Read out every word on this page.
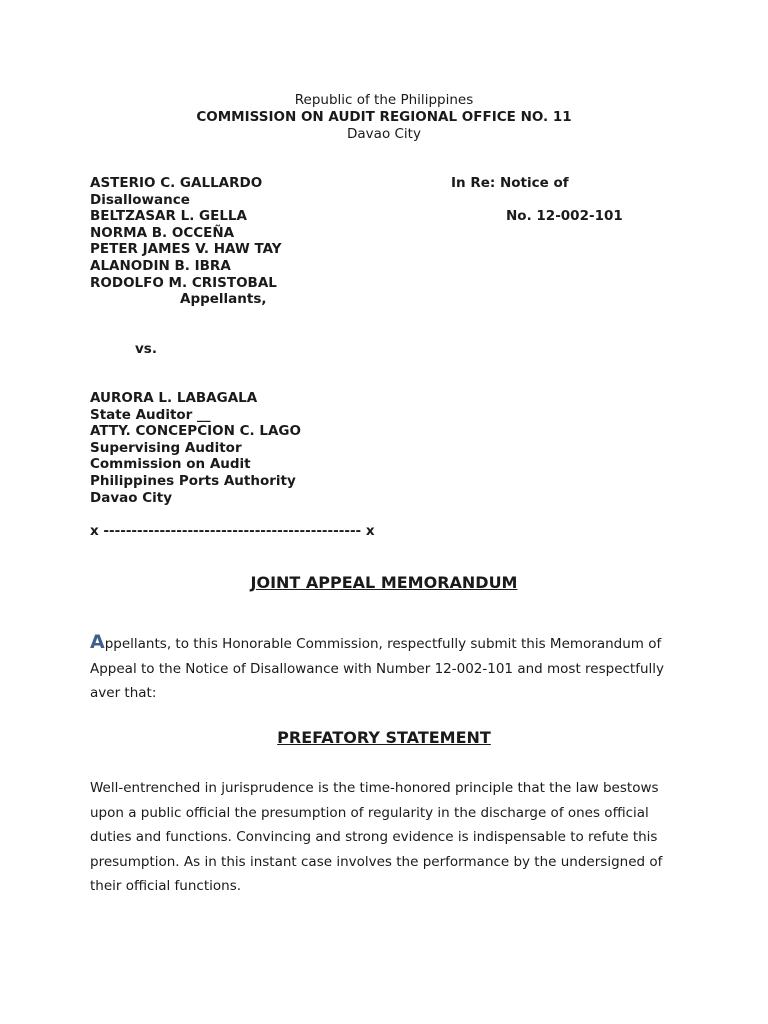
Republic of the Philippines
COMMISSION ON AUDIT REGIONAL OFFICE NO. 11
Davao City
ASTERIO C. GALLARDO
Disallowance
BELTZASAR L. GELLA
NORMA B. OCCEÑA
PETER JAMES V. HAW TAY
ALANODIN B. IBRA
RODOLFO M. CRISTOBAL
Appellants,
In Re: Notice of
No. 12-002-101
vs.
AURORA L. LABAGALA
State Auditor __
ATTY. CONCEPCION C. LAGO
Supervising Auditor
Commission on Audit
Philippines Ports Authority
Davao City
x ---------------------------------------------- x
JOINT APPEAL MEMORANDUM
Appellants, to this Honorable Commission, respectfully submit this Memorandum of
Appeal to the Notice of Disallowance with Number 12-002-101 and most respectfully
aver that:
PREFATORY STATEMENT
Well-entrenched in jurisprudence is the time-honored principle that the law bestows
upon a public official the presumption of regularity in the discharge of ones official
duties and functions. Convincing and strong evidence is indispensable to refute this
presumption. As in this instant case involves the performance by the undersigned of
their official functions.
